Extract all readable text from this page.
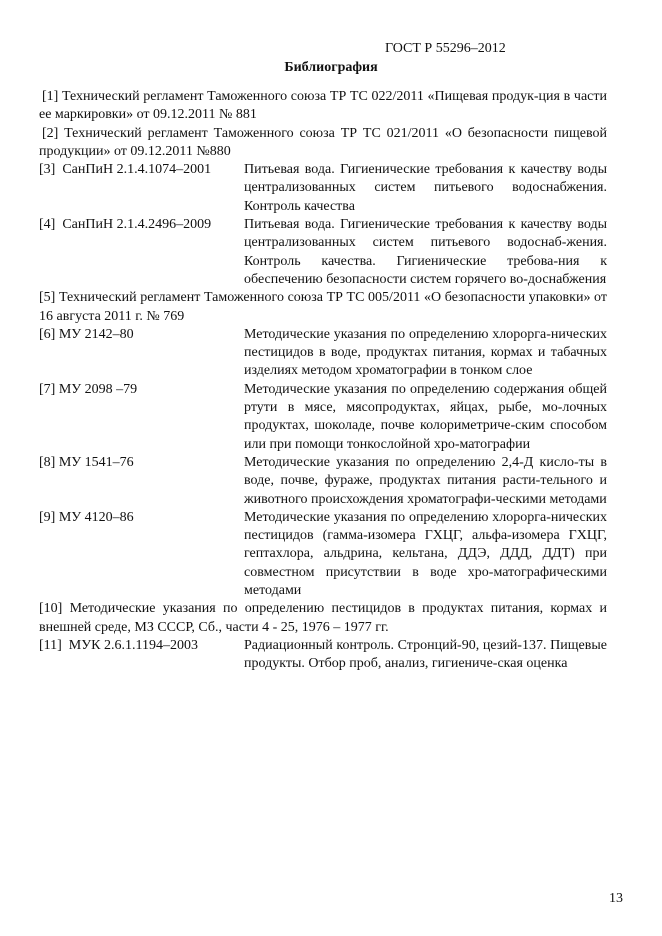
ГОСТ Р 55296–2012
Библиография

[1] Технический регламент Таможенного союза ТР ТС 022/2011 «Пищевая продук-ция в части ее маркировки» от 09.12.2011 № 881

[2] Технический регламент Таможенного союза ТР ТС 021/2011 «О безопасности пищевой продукции» от 09.12.2011 №880

[3]  СанПиН 2.1.4.1074–2001	Питьевая вода. Гигиенические требования к качеству воды централизованных систем питьевого водоснабжения. Контроль качества
[4]  СанПиН 2.1.4.2496–2009	Питьевая вода. Гигиенические требования к качеству воды централизованных систем питьевого водоснаб-жения. Контроль качества. Гигиенические требова-ния к обеспечению безопасности систем горячего во-доснабжения

[5] Технический регламент Таможенного союза ТР ТС 005/2011 «О безопасности упаковки» от 16 августа 2011 г. № 769

[6] МУ 2142–80	Методические указания по определению хлорорга-нических пестицидов в воде, продуктах питания, кормах и табачных изделиях методом хроматографии в тонком слое
[7] МУ 2098 –79	Методические указания по определению содержания общей ртути в мясе, мясопродуктах, яйцах, рыбе, мо-лочных продуктах, шоколаде, почве колориметриче-ским способом или при помощи тонкослойной хро-матографии
[8] МУ 1541–76	Методические указания по определению 2,4-Д кисло-ты в воде, почве, фураже, продуктах питания расти-тельного и животного происхождения хроматографи-ческими методами
[9] МУ 4120–86	Методические указания по определению хлорорга-нических пестицидов (гамма-изомера ГХЦГ, альфа-изомера ГХЦГ, гептахлора, альдрина, кельтана, ДДЭ, ДДД, ДДТ) при совместном присутствии в воде хро-матографическими методами

[10] Методические указания по определению пестицидов в продуктах питания, кормах и внешней среде, МЗ СССР, Сб., части 4 - 25, 1976 – 1977 гг.

[11]  МУК 2.6.1.1194–2003	Радиационный контроль. Стронций-90, цезий-137. Пищевые продукты. Отбор проб, анализ, гигиениче-ская оценка
13
